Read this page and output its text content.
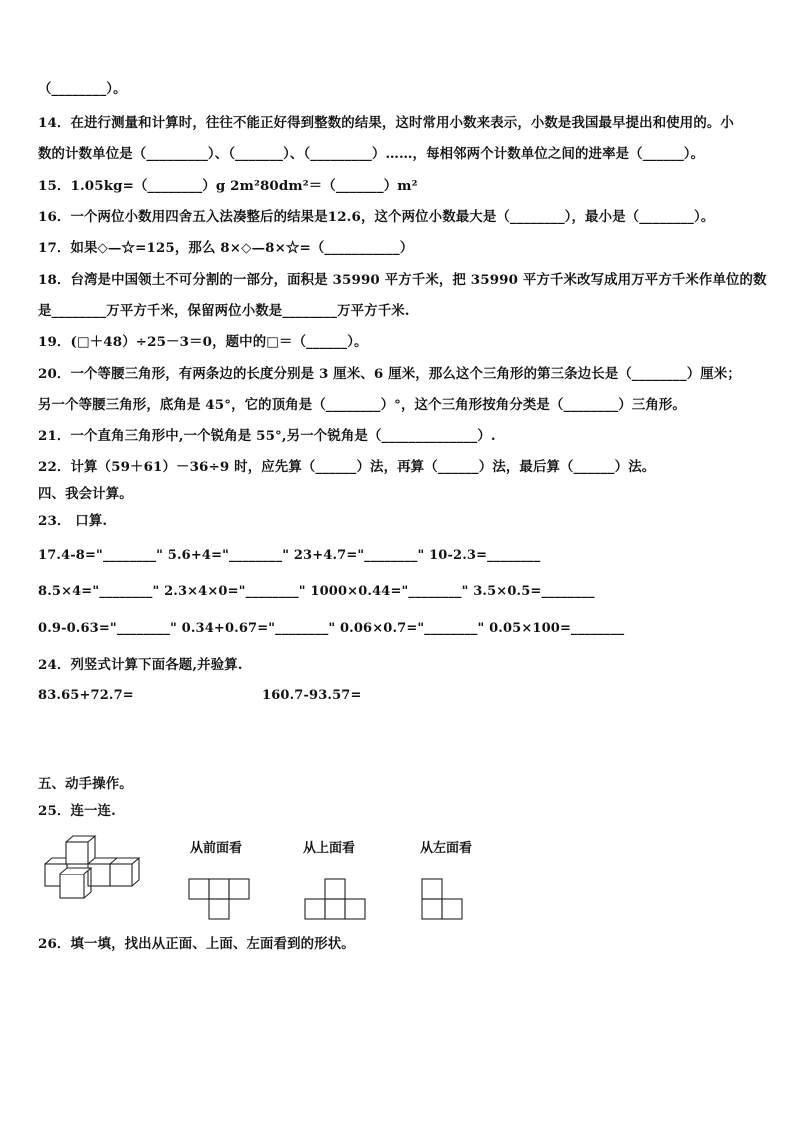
（________）。
14．在进行测量和计算时，往往不能正好得到整数的结果，这时常用小数来表示，小数是我国最早提出和使用的。小
数的计数单位是（_________）、（_______）、（_________）……，每相邻两个计数单位之间的进率是（______）。
15．1.05kg=（________）g 2m²80dm²＝（_______）m²
16．一个两位小数用四舍五入法凑整后的结果是12.6，这个两位小数最大是（________），最小是（________）。
17．如果◇—☆=125，那么 8×◇—8×☆=（___________）
18．台湾是中国领土不可分割的一部分，面积是 35990 平方千米，把 35990 平方千米改写成用万平方千米作单位的数
是________万平方千米，保留两位小数是________万平方千米.
19．(□＋48）÷25－3＝0，题中的□＝（______）。
20．一个等腰三角形，有两条边的长度分别是 3 厘米、6 厘米，那么这个三角形的第三条边长是（________）厘米；
另一个等腰三角形，底角是 45°，它的顶角是（________）°，这个三角形按角分类是（________）三角形。
21．一个直角三角形中,一个锐角是 55°,另一个锐角是（______________）.
22．计算（59＋61）－36÷9 时，应先算（______）法，再算（______）法，最后算（______）法。
四、我会计算。
23． 口算.
17.4-8="________" 5.6+4="________" 23+4.7="________" 10-2.3=________
8.5×4="________" 2.3×4×0="________" 1000×0.44="________" 3.5×0.5=________
0.9-0.63="________" 0.34+0.67="________" 0.06×0.7="________" 0.05×100=________
24．列竖式计算下面各题,并验算.
83.65+72.7=	160.7-93.57=
五、动手操作。
25．连一连.
从前面看	从上面看	从左面看
26．填一填，找出从正面、上面、左面看到的形状。
